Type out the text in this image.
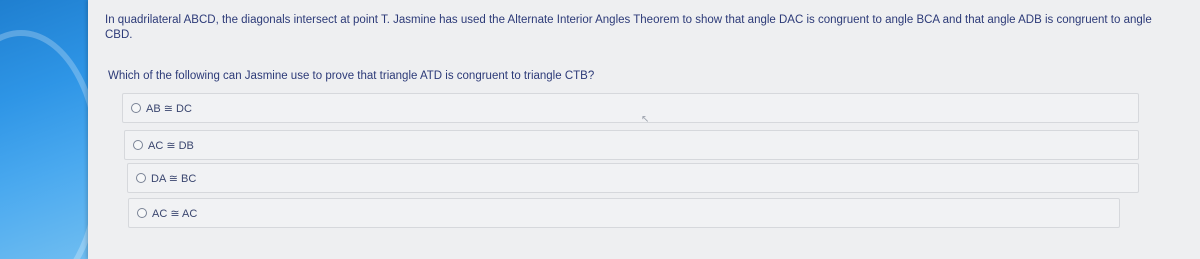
In quadrilateral ABCD, the diagonals intersect at point T. Jasmine has used the Alternate Interior Angles Theorem to show that angle DAC is congruent to angle BCA and that angle ADB is congruent to angle CBD.
Which of the following can Jasmine use to prove that triangle ATD is congruent to triangle CTB?
AB ≅ DC
AC ≅ DB
DA ≅ BC
AC ≅ AC
↖
